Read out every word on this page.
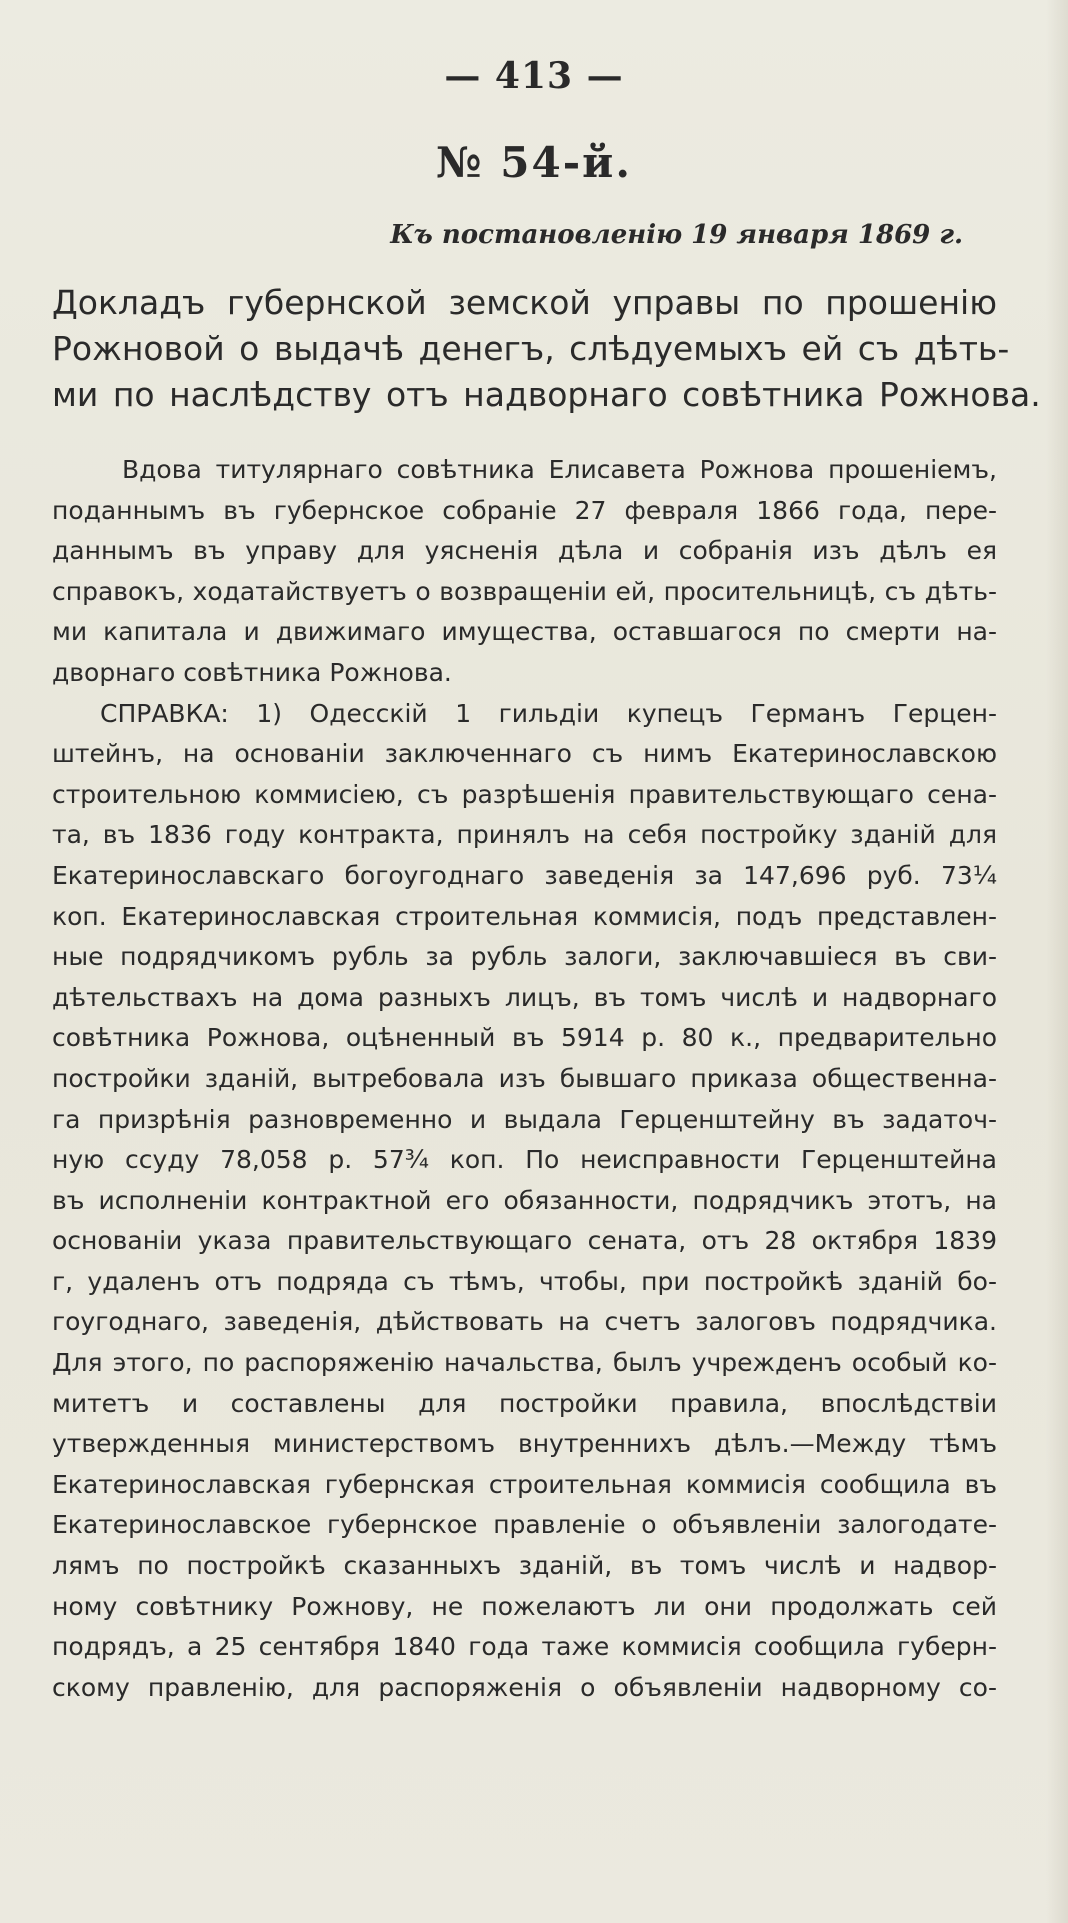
— 413 —
№ 54-й.
Къ постановленію 19 января 1869 г.
Докладъ губернской земской управы по прошенію
Рожновой о выдачѣ денегъ, слѣдуемыхъ ей съ дѣть-
ми по наслѣдству отъ надворнаго совѣтника Рожнова.
Вдова титулярнаго совѣтника Елисавета Рожнова прошеніемъ,
поданнымъ въ губернское собраніе 27 февраля 1866 года, пере-
даннымъ въ управу для уясненія дѣла и собранія изъ дѣлъ ея
справокъ, ходатайствуетъ о возвращеніи ей, просительницѣ, съ дѣть-
ми капитала и движимаго имущества, оставшагося по смерти на-
дворнаго совѣтника Рожнова.
СПРАВКА: 1) Одесскій 1 гильдіи купецъ Германъ Герцен-
штейнъ, на основаніи заключеннаго съ нимъ Екатеринославскою
строительною коммисіею, съ разрѣшенія правительствующаго сена-
та, въ 1836 году контракта, принялъ на себя постройку зданій для
Екатеринославскаго богоугоднаго заведенія за 147,696 руб. 73¼
коп. Екатеринославская строительная коммисія, подъ представлен-
ные подрядчикомъ рубль за рубль залоги, заключавшіеся въ сви-
дѣтельствахъ на дома разныхъ лицъ, въ томъ числѣ и надворнаго
совѣтника Рожнова, оцѣненный въ 5914 р. 80 к., предварительно
постройки зданій, вытребовала изъ бывшаго приказа общественна-
га призрѣнія разновременно и выдала Герценштейну въ задаточ-
ную ссуду 78,058 р. 57¾ коп. По неисправности Герценштейна
въ исполненіи контрактной его обязанности, подрядчикъ этотъ, на
основаніи указа правительствующаго сената, отъ 28 октября 1839
г, удаленъ отъ подряда съ тѣмъ, чтобы, при постройкѣ зданій бо-
гоугоднаго, заведенія, дѣйствовать на счетъ залоговъ подрядчика.
Для этого, по распоряженію начальства, былъ учрежденъ особый ко-
митетъ и составлены для постройки правила, впослѣдствіи
утвержденныя министерствомъ внутреннихъ дѣлъ.—Между тѣмъ
Екатеринославская губернская строительная коммисія сообщила въ
Екатеринославское губернское правленіе о объявленіи залогодате-
лямъ по постройкѣ сказанныхъ зданій, въ томъ числѣ и надвор-
ному совѣтнику Рожнову, не пожелаютъ ли они продолжать сей
подрядъ, а 25 сентября 1840 года таже коммисія сообщила губерн-
скому правленію, для распоряженія о объявленіи надворному со-
